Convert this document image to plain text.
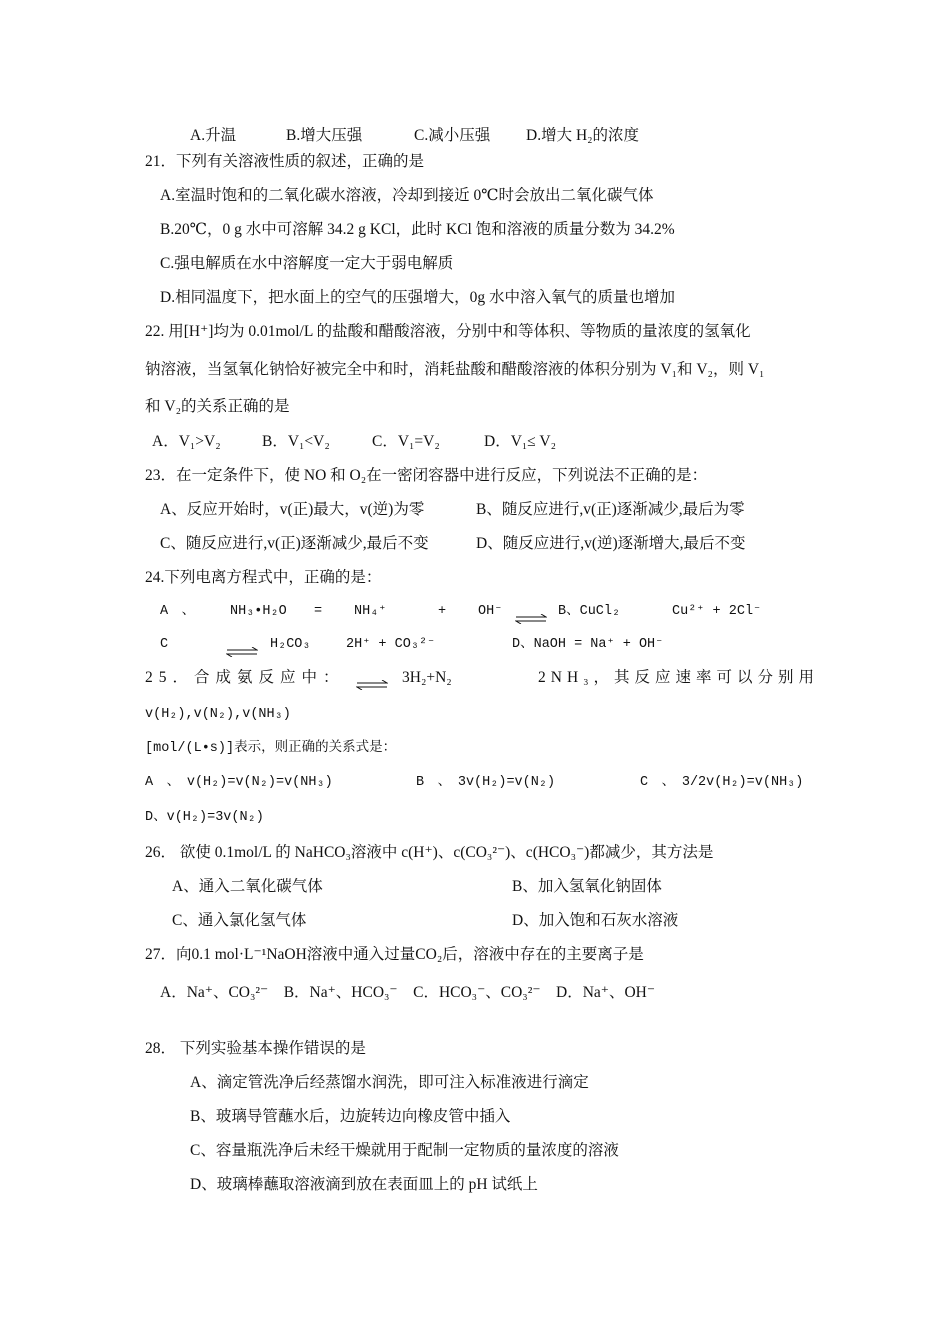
A.升温	B.增大压强	C.减小压强 D.增大 H₂的浓度
21．下列有关溶液性质的叙述，正确的是
A.室温时饱和的二氧化碳水溶液，冷却到接近 0℃时会放出二氧化碳气体
B.20℃，0 g 水中可溶解 34.2 g KCl，此时 KCl 饱和溶液的质量分数为 34.2%
C.强电解质在水中溶解度一定大于弱电解质
D.相同温度下，把水面上的空气的压强增大，0g 水中溶入氧气的质量也增加
22. 用[H⁺]均为 0.01mol/L 的盐酸和醋酸溶液，分别中和等体积、等物质的量浓度的氢氧化
钠溶液，当氢氧化钠恰好被完全中和时，消耗盐酸和醋酸溶液的体积分别为 V₁和 V₂，则 V₁
和 V₂的关系正确的是
A．V₁>V₂	B．V₁<V₂	C．V₁=V₂	D．V₁≤ V₂
23．在一定条件下，使 NO 和 O₂在一密闭容器中进行反应，下列说法不正确的是：
A、反应开始时，v(正)最大，v(逆)为零	B、随反应进行,v(正)逐渐减少,最后为零
C、随反应进行,v(正)逐渐减少,最后不变	D、随反应进行,v(逆)逐渐增大,最后不变
24.下列电离方程式中，正确的是：
A　、	NH₃•H₂O = NH₄⁺	+ OH⁻ ⇌ B、CuCl₂	Cu²⁺ + 2Cl⁻
C	⇌ H₂CO₃	2H⁺ + CO₃²⁻	D、NaOH = Na⁺ + OH⁻
25．合成氨反应中： ⇌ 3H₂+N₂	2NH₃，其反应速率可以分别用
v(H₂),v(N₂),v(NH₃)
[mol/(L•s)]表示，则正确的关系式是：
A　、　v(H₂)=v(N₂)=v(NH₃)	B　、　3v(H₂)=v(N₂)	C　、　3/2v(H₂)=v(NH₃)
D、v(H₂)=3v(N₂)
26． 欲使 0.1mol/L 的 NaHCO₃溶液中 c(H⁺)、c(CO₃²⁻)、c(HCO₃⁻)都减少，其方法是
A、通入二氧化碳气体	B、加入氢氧化钠固体
C、通入氯化氢气体	D、加入饱和石灰水溶液
27．向0.1 mol·L⁻¹NaOH溶液中通入过量CO₂后，溶液中存在的主要离子是
A．Na⁺、CO₃²⁻　B．Na⁺、HCO₃⁻　C．HCO₃⁻、CO₃²⁻　D．Na⁺、OH⁻
28． 下列实验基本操作错误的是
A、滴定管洗净后经蒸馏水润洗，即可注入标准液进行滴定
B、玻璃导管蘸水后，边旋转边向橡皮管中插入
C、容量瓶洗净后未经干燥就用于配制一定物质的量浓度的溶液
D、玻璃棒蘸取溶液滴到放在表面皿上的 pH 试纸上
